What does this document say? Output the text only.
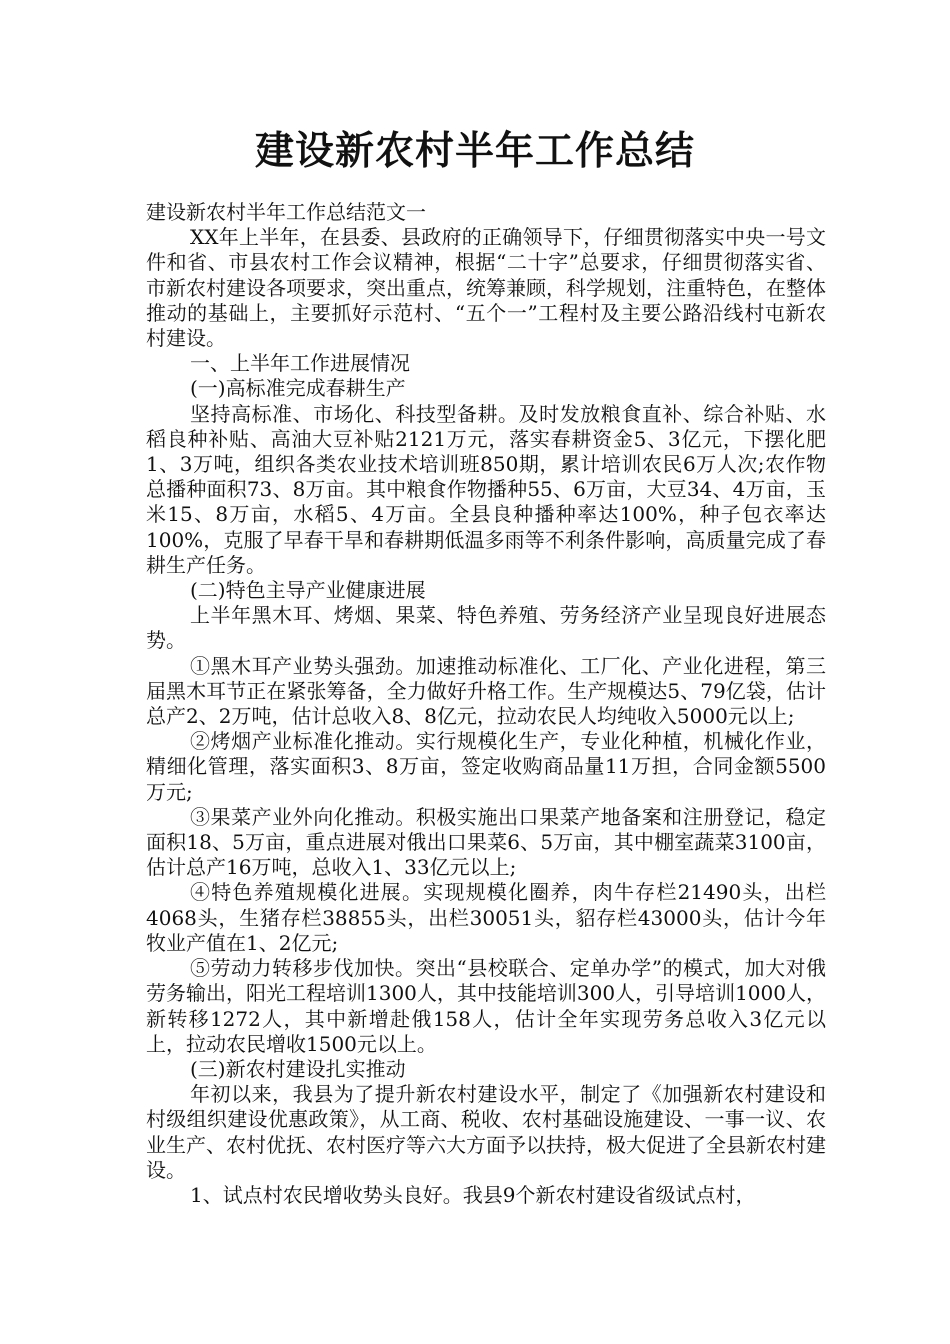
建设新农村半年工作总结

建设新农村半年工作总结范文一

XX年上半年，在县委、县政府的正确领导下，仔细贯彻落实中央一号文件和省、市县农村工作会议精神，根据“二十字”总要求，仔细贯彻落实省、市新农村建设各项要求，突出重点，统筹兼顾，科学规划，注重特色，在整体推动的基础上，主要抓好示范村、“五个一”工程村及主要公路沿线村屯新农村建设。

一、上半年工作进展情况

(一)高标准完成春耕生产

坚持高标准、市场化、科技型备耕。及时发放粮食直补、综合补贴、水稻良种补贴、高油大豆补贴2121万元，落实春耕资金5、3亿元，下摆化肥1、3万吨，组织各类农业技术培训班850期，累计培训农民6万人次;农作物总播种面积73、8万亩。其中粮食作物播种55、6万亩，大豆34、4万亩，玉米15、8万亩，水稻5、4万亩。全县良种播种率达100%，种子包衣率达100%，克服了早春干旱和春耕期低温多雨等不利条件影响，高质量完成了春耕生产任务。

(二)特色主导产业健康进展

上半年黑木耳、烤烟、果菜、特色养殖、劳务经济产业呈现良好进展态势。

①黑木耳产业势头强劲。加速推动标准化、工厂化、产业化进程，第三届黑木耳节正在紧张筹备，全力做好升格工作。生产规模达5、79亿袋，估计总产2、2万吨，估计总收入8、8亿元，拉动农民人均纯收入5000元以上;

②烤烟产业标准化推动。实行规模化生产，专业化种植，机械化作业，精细化管理，落实面积3、8万亩，签定收购商品量11万担，合同金额5500万元;

③果菜产业外向化推动。积极实施出口果菜产地备案和注册登记，稳定面积18、5万亩，重点进展对俄出口果菜6、5万亩，其中棚室蔬菜3100亩，估计总产16万吨，总收入1、33亿元以上;

④特色养殖规模化进展。实现规模化圈养，肉牛存栏21490头，出栏4068头，生猪存栏38855头，出栏30051头，貂存栏43000头，估计今年牧业产值在1、2亿元;

⑤劳动力转移步伐加快。突出“县校联合、定单办学”的模式，加大对俄劳务输出，阳光工程培训1300人，其中技能培训300人，引导培训1000人，新转移1272人，其中新增赴俄158人，估计全年实现劳务总收入3亿元以上，拉动农民增收1500元以上。

(三)新农村建设扎实推动

年初以来，我县为了提升新农村建设水平，制定了《加强新农村建设和村级组织建设优惠政策》，从工商、税收、农村基础设施建设、一事一议、农业生产、农村优抚、农村医疗等六大方面予以扶持，极大促进了全县新农村建设。

1、试点村农民增收势头良好。我县9个新农村建设省级试点村，
